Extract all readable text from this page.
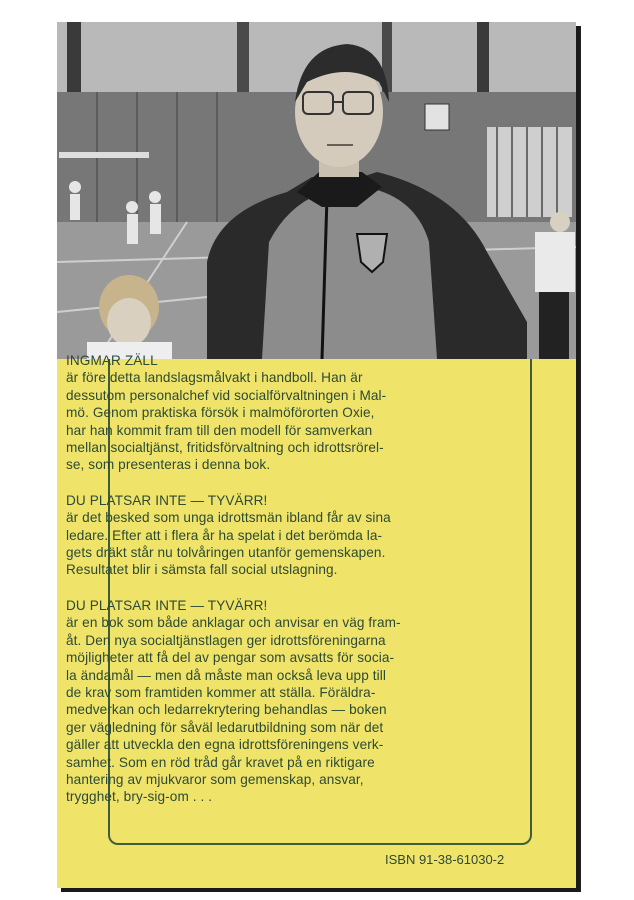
INGMAR ZÄLL

är före detta landslagsmålvakt i handboll. Han är

dessutom personalchef vid socialförvaltningen i Mal-

mö. Genom praktiska försök i malmöförorten Oxie,

har han kommit fram till den modell för samverkan

mellan socialtjänst, fritidsförvaltning och idrottsrörel-

se, som presenteras i denna bok.

DU PLATSAR INTE — TYVÄRR!

är det besked som unga idrottsmän ibland får av sina

ledare. Efter att i flera år ha spelat i det berömda la-

gets dräkt står nu tolvåringen utanför gemenskapen.

Resultatet blir i sämsta fall social utslagning.

DU PLATSAR INTE — TYVÄRR!

är en bok som både anklagar och anvisar en väg fram-

åt. Den nya socialtjänstlagen ger idrottsföreningarna

möjligheter att få del av pengar som avsatts för socia-

la ändamål — men då måste man också leva upp till

de krav som framtiden kommer att ställa. Föräldra-

medverkan och ledarrekrytering behandlas — boken

ger vägledning för såväl ledarutbildning som när det

gäller att utveckla den egna idrottsföreningens verk-

samhet. Som en röd tråd går kravet på en riktigare

hantering av mjukvaror som gemenskap, ansvar,

trygghet, bry-sig-om . . .

ISBN 91-38-61030-2
